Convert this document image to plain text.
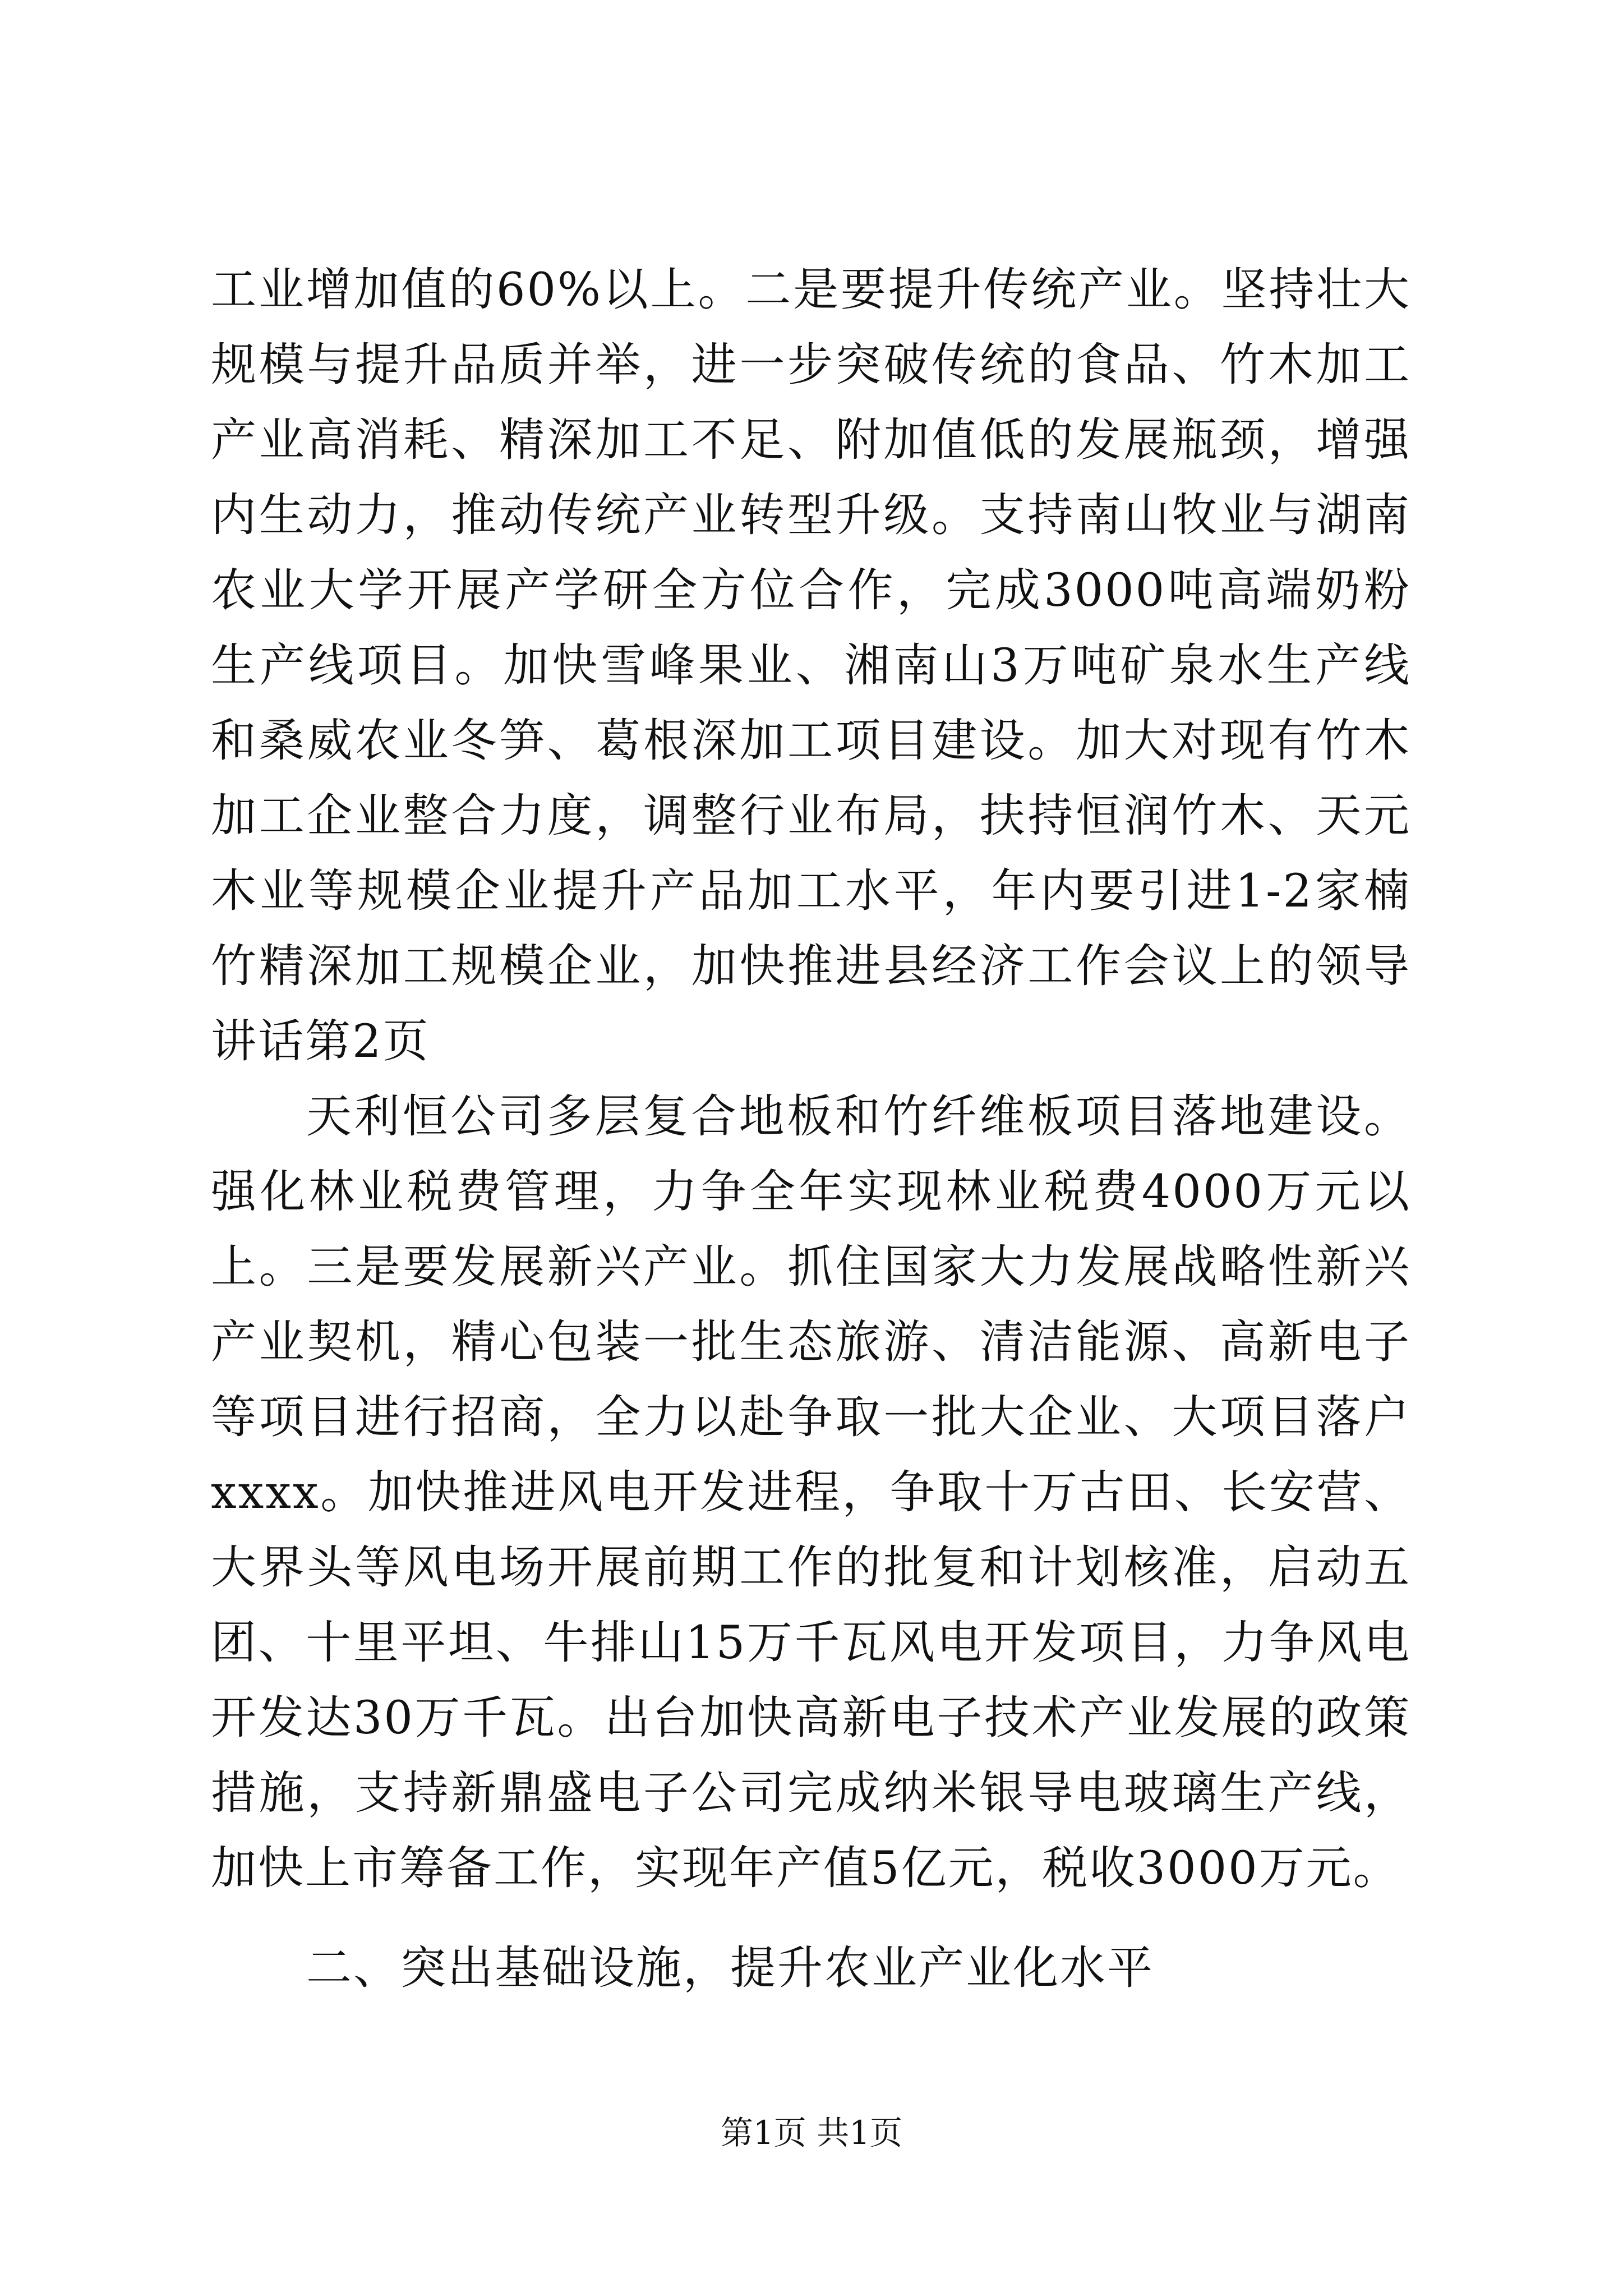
工业增加值的60%以上。二是要提升传统产业。坚持壮大规模与提升品质并举，进一步突破传统的食品、竹木加工产业高消耗、精深加工不足、附加值低的发展瓶颈，增强内生动力，推动传统产业转型升级。支持南山牧业与湖南农业大学开展产学研全方位合作，完成3000吨高端奶粉生产线项目。加快雪峰果业、湘南山3万吨矿泉水生产线和桑威农业冬笋、葛根深加工项目建设。加大对现有竹木加工企业整合力度，调整行业布局，扶持恒润竹木、天元木业等规模企业提升产品加工水平，年内要引进1-2家楠竹精深加工规模企业，加快推进县经济工作会议上的领导讲话第2页

天利恒公司多层复合地板和竹纤维板项目落地建设。强化林业税费管理，力争全年实现林业税费4000万元以上。三是要发展新兴产业。抓住国家大力发展战略性新兴产业契机，精心包装一批生态旅游、清洁能源、高新电子等项目进行招商，全力以赴争取一批大企业、大项目落户xxxx。加快推进风电开发进程，争取十万古田、长安营、大界头等风电场开展前期工作的批复和计划核准，启动五团、十里平坦、牛排山15万千瓦风电开发项目，力争风电开发达30万千瓦。出台加快高新电子技术产业发展的政策措施，支持新鼎盛电子公司完成纳米银导电玻璃生产线，加快上市筹备工作，实现年产值5亿元，税收3000万元。

二、突出基础设施，提升农业产业化水平

第1页 共1页
